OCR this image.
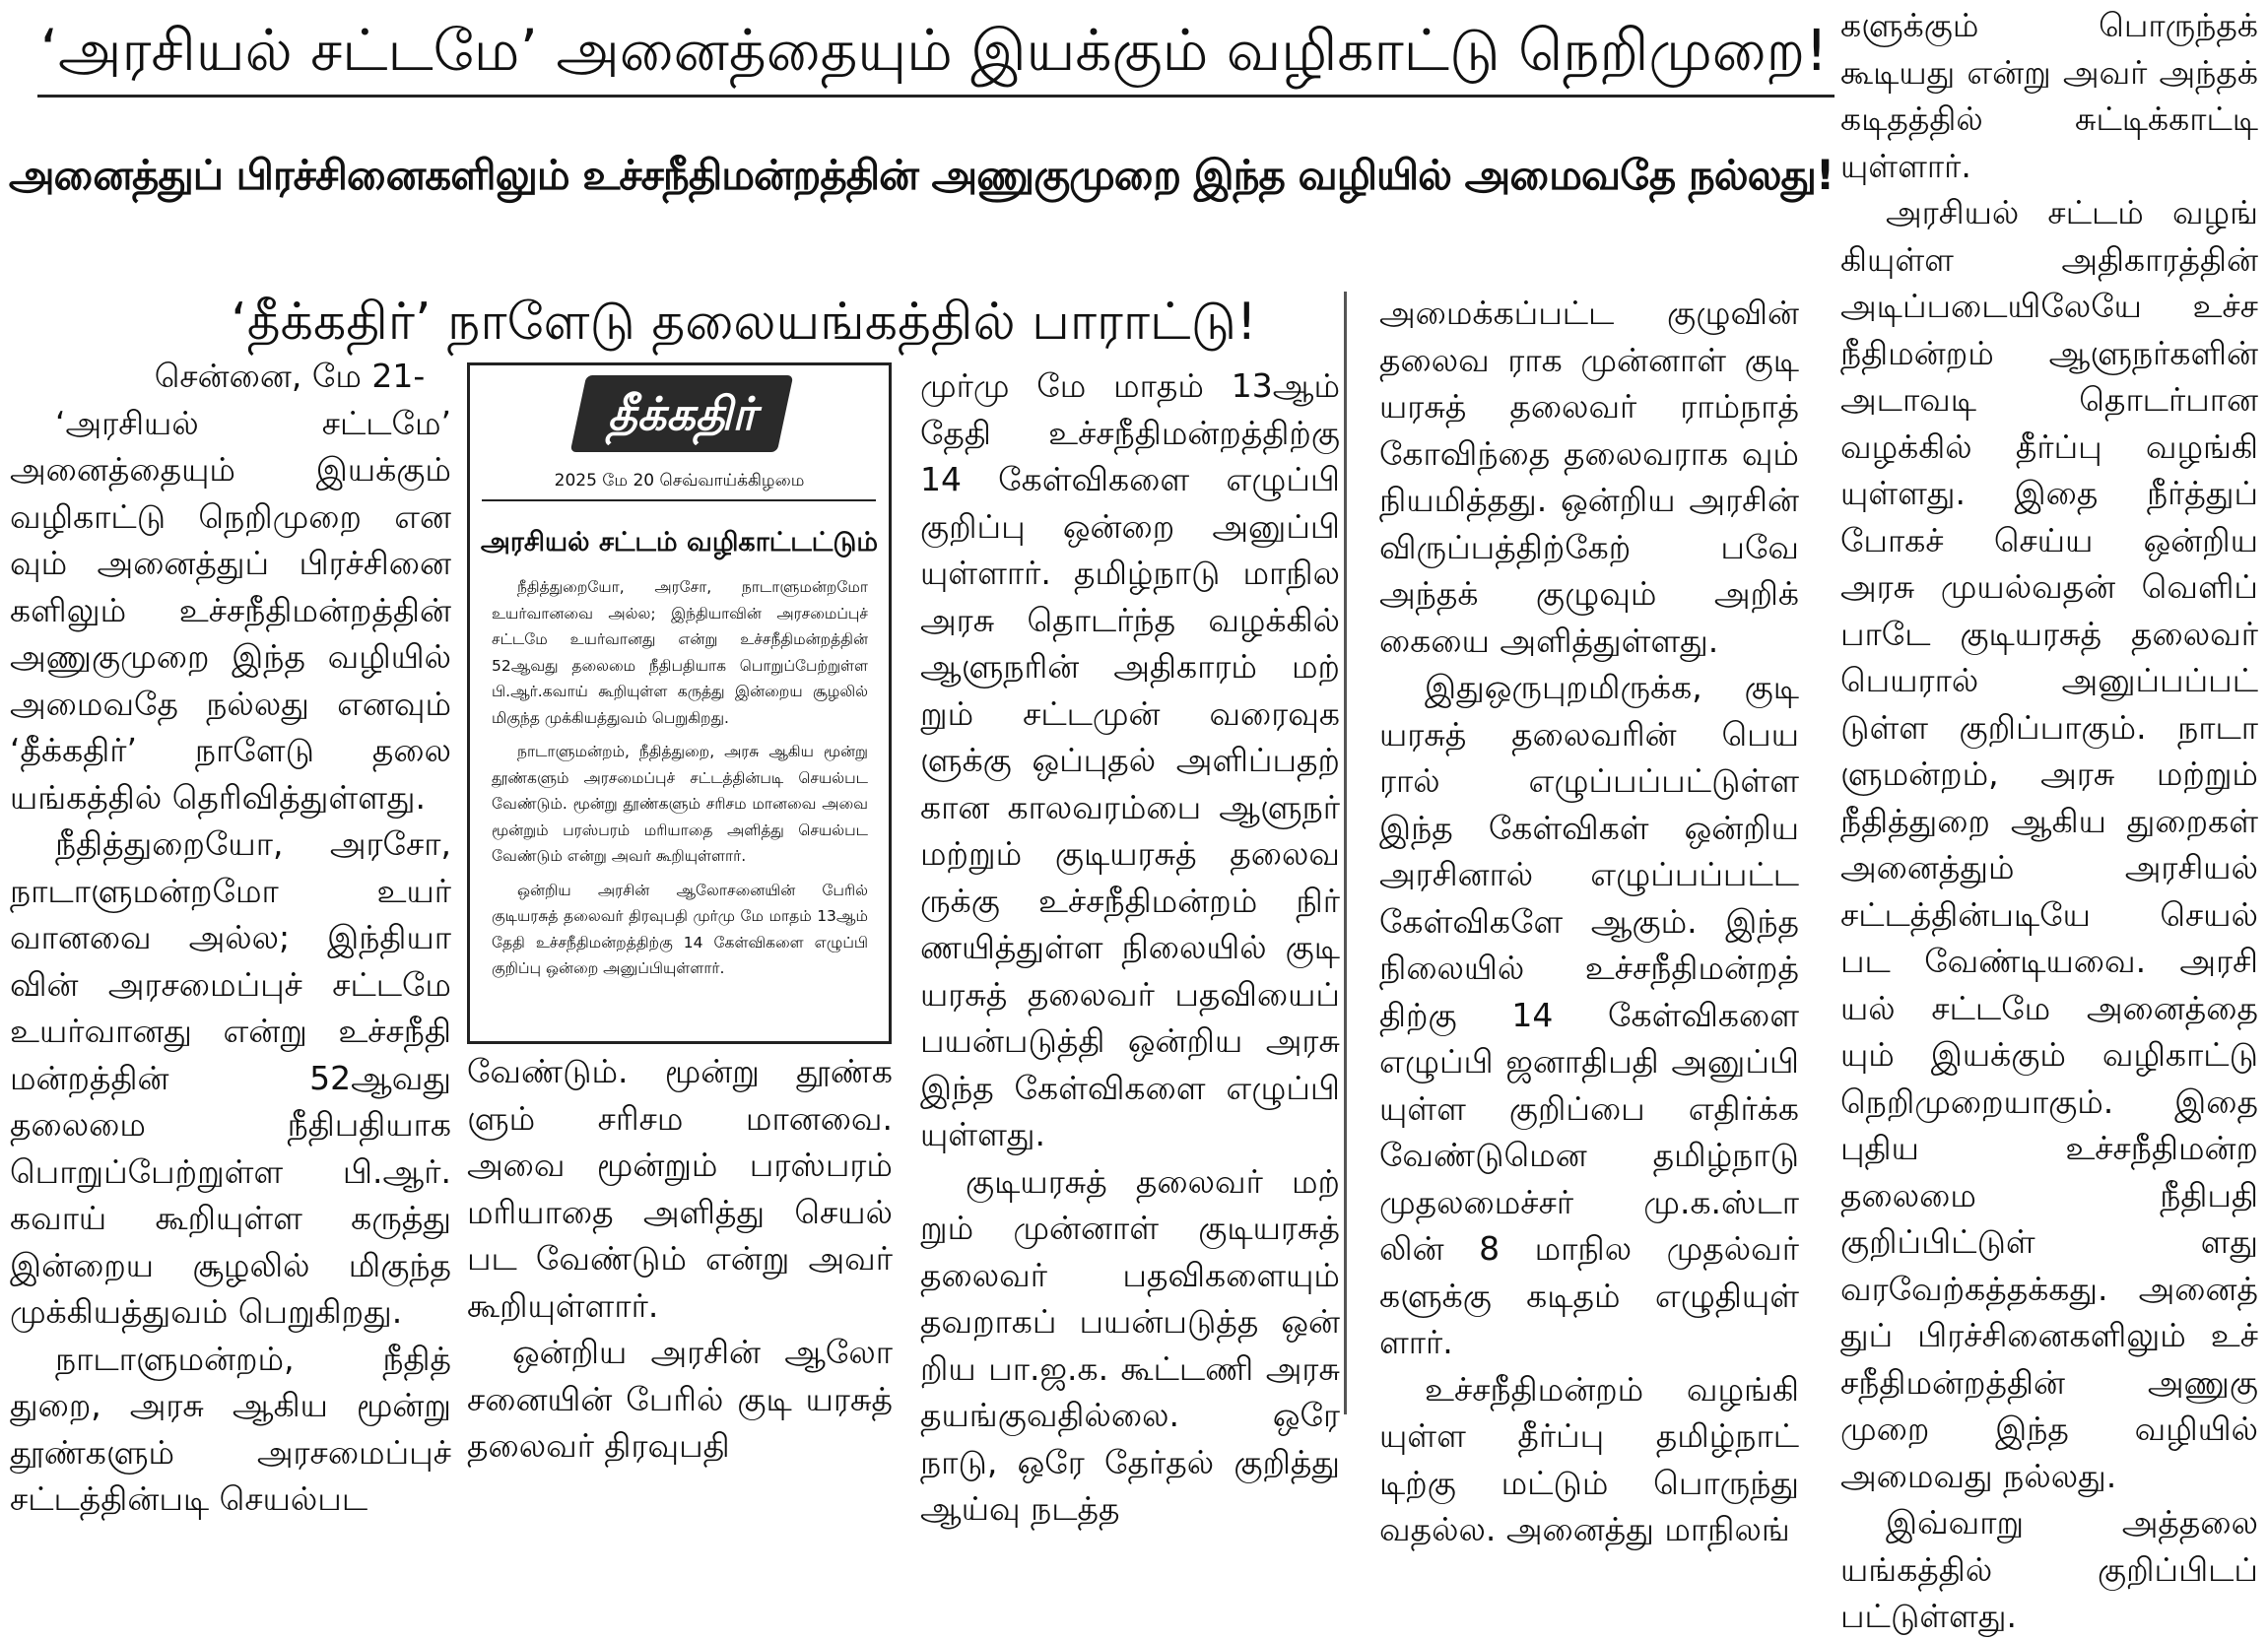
‘அரசியல் சட்டமே’ அனைத்தையும் இயக்கும் வழிகாட்டு நெறிமுறை!
அனைத்துப் பிரச்சினைகளிலும் உச்சநீதிமன்றத்தின் அணுகுமுறை இந்த வழியில் அமைவதே நல்லது!
‘தீக்கதிர்’ நாளேடு தலையங்கத்தில் பாராட்டு!

சென்னை, மே 21-

‘அரசியல் சட்டமே’ அனைத்தையும் இயக்கும் வழிகாட்டு நெறிமுறை என வும் அனைத்துப் பிரச்சினை களிலும் உச்சநீதிமன்றத்தின் அணுகுமுறை இந்த வழியில் அமைவதே நல்லது எனவும் ‘தீக்கதிர்’ நாளேடு தலை யங்கத்தில் தெரிவித்துள்ளது.

நீதித்துறையோ, அரசோ, நாடாளுமன்றமோ உயர் வானவை அல்ல; இந்தியா வின் அரசமைப்புச் சட்டமே உயர்வானது என்று உச்சநீதி மன்றத்தின் 52ஆவது தலைமை நீதிபதியாக பொறுப்பேற்றுள்ள பி.ஆர். கவாய் கூறியுள்ள கருத்து இன்றைய சூழலில் மிகுந்த முக்கியத்துவம் பெறுகிறது.

நாடாளுமன்றம், நீதித் துறை, அரசு ஆகிய மூன்று தூண்களும் அரசமைப்புச் சட்டத்தின்படி செயல்பட

தீக்கதிர்
2025 மே 20 செவ்வாய்க்கிழமை
அரசியல் சட்டம் வழிகாட்டட்டும்

நீதித்துறையோ, அரசோ, நாடாளுமன்றமோ உயர்வானவை அல்ல; இந்தியாவின் அரசமைப்புச் சட்டமே உயர்வானது என்று உச்சநீதிமன்றத்தின் 52ஆவது தலைமை நீதிபதியாக பொறுப்பேற்றுள்ள பி.ஆர்.கவாய் கூறியுள்ள கருத்து இன்றைய சூழலில் மிகுந்த முக்கியத்துவம் பெறுகிறது.

நாடாளுமன்றம், நீதித்துறை, அரசு ஆகிய மூன்று தூண்களும் அரசமைப்புச் சட்டத்தின்படி செயல்பட வேண்டும். மூன்று தூண்களும் சரிசம மானவை அவை மூன்றும் பரஸ்பரம் மரியாதை அளித்து செயல்பட வேண்டும் என்று அவர் கூறியுள்ளார்.

ஒன்றிய அரசின் ஆலோசனையின் பேரில் குடியரசுத் தலைவர் திரவுபதி முர்மு மே மாதம் 13ஆம் தேதி உச்சநீதிமன்றத்திற்கு 14 கேள்விகளை எழுப்பி குறிப்பு ஒன்றை அனுப்பியுள்ளார்.

வேண்டும். மூன்று தூண்க ளும் சரிசம மானவை. அவை மூன்றும் பரஸ்பரம் மரியாதை அளித்து செயல் பட வேண்டும் என்று அவர் கூறியுள்ளார்.

ஒன்றிய அரசின் ஆலோ சனையின் பேரில் குடி யரசுத் தலைவர் திரவுபதி

முர்மு மே மாதம் 13ஆம் தேதி உச்சநீதிமன்றத்திற்கு 14 கேள்விகளை எழுப்பி குறிப்பு ஒன்றை அனுப்பி யுள்ளார். தமிழ்நாடு மாநில அரசு தொடர்ந்த வழக்கில் ஆளுநரின் அதிகாரம் மற் றும் சட்டமுன் வரைவுக ளுக்கு ஒப்புதல் அளிப்பதற் கான காலவரம்பை ஆளுநர் மற்றும் குடியரசுத் தலைவ ருக்கு உச்சநீதிமன்றம் நிர் ணயித்துள்ள நிலையில் குடி யரசுத் தலைவர் பதவியைப் பயன்படுத்தி ஒன்றிய அரசு இந்த கேள்விகளை எழுப்பி யுள்ளது.

குடியரசுத் தலைவர் மற் றும் முன்னாள் குடியரசுத் தலைவர் பதவிகளையும் தவறாகப் பயன்படுத்த ஒன் றிய பா.ஜ.க. கூட்டணி அரசு தயங்குவதில்லை. ஒரே நாடு, ஒரே தேர்தல் குறித்து ஆய்வு நடத்த

அமைக்கப்பட்ட குழுவின் தலைவ ராக முன்னாள் குடி யரசுத் தலைவர் ராம்நாத் கோவிந்தை தலைவராக வும் நியமித்தது. ஒன்றிய அரசின் விருப்பத்திற்கேற் பவே அந்தக் குழுவும் அறிக் கையை அளித்துள்ளது.

இதுஒருபுறமிருக்க, குடி யரசுத் தலைவரின் பெய ரால் எழுப்பப்பட்டுள்ள இந்த கேள்விகள் ஒன்றிய அரசினால் எழுப்பப்பட்ட கேள்விகளே ஆகும். இந்த நிலையில் உச்சநீதிமன்றத் திற்கு 14 கேள்விகளை எழுப்பி ஜனாதிபதி அனுப்பி யுள்ள குறிப்பை எதிர்க்க வேண்டுமென தமிழ்நாடு முதலமைச்சர் மு.க.ஸ்டா லின் 8 மாநில முதல்வர் களுக்கு கடிதம் எழுதியுள் ளார்.

உச்சநீதிமன்றம் வழங்கி யுள்ள தீர்ப்பு தமிழ்நாட் டிற்கு மட்டும் பொருந்து வதல்ல. அனைத்து மாநிலங்

களுக்கும் பொருந்தக் கூடியது என்று அவர் அந்தக் கடிதத்தில் சுட்டிக்காட்டி யுள்ளார்.

அரசியல் சட்டம் வழங் கியுள்ள அதிகாரத்தின் அடிப்படையிலேயே உச்ச நீதிமன்றம் ஆளுநர்களின் அடாவடி தொடர்பான வழக்கில் தீர்ப்பு வழங்கி யுள்ளது. இதை நீர்த்துப் போகச் செய்ய ஒன்றிய அரசு முயல்வதன் வெளிப் பாடே குடியரசுத் தலைவர் பெயரால் அனுப்பப்பட் டுள்ள குறிப்பாகும். நாடா ளுமன்றம், அரசு மற்றும் நீதித்துறை ஆகிய துறைகள் அனைத்தும் அரசியல் சட்டத்தின்படியே செயல் பட வேண்டியவை. அரசி யல் சட்டமே அனைத்தை யும் இயக்கும் வழிகாட்டு நெறிமுறையாகும். இதை புதிய உச்சநீதிமன்ற தலைமை நீதிபதி குறிப்பிட்டுள் ளது வரவேற்கத்தக்கது. அனைத் துப் பிரச்சினைகளிலும் உச் சநீதிமன்றத்தின் அணுகு முறை இந்த வழியில் அமைவது நல்லது.

இவ்வாறு அத்தலை யங்கத்தில் குறிப்பிடப் பட்டுள்ளது.
